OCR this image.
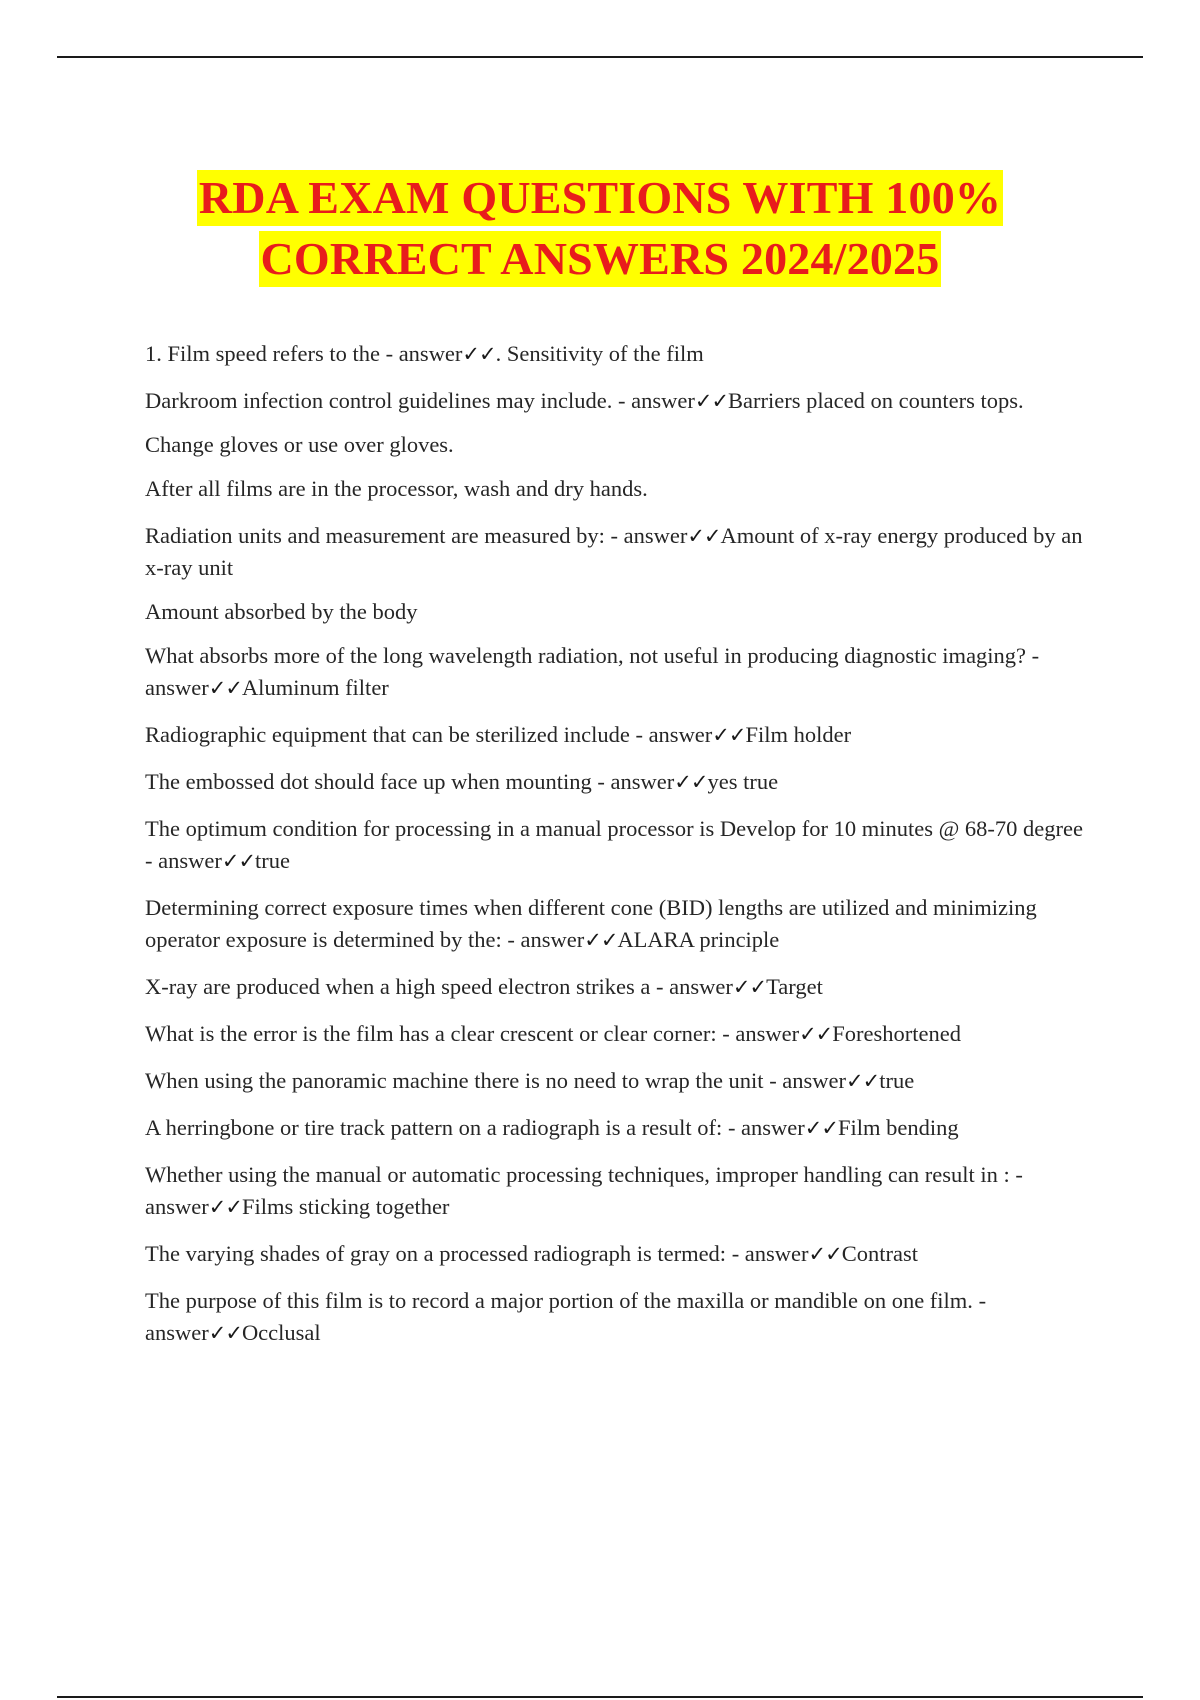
RDA EXAM QUESTIONS WITH 100%
CORRECT ANSWERS 2024/2025

1. Film speed refers to the - answer✓✓. Sensitivity of the film

Darkroom infection control guidelines may include. - answer✓✓Barriers placed on counters tops.

Change gloves or use over gloves.

After all films are in the processor, wash and dry hands.

Radiation units and measurement are measured by: - answer✓✓Amount of x-ray energy produced by an x-ray unit

Amount absorbed by the body

What absorbs more of the long wavelength radiation, not useful in producing diagnostic imaging? - answer✓✓Aluminum filter

Radiographic equipment that can be sterilized include - answer✓✓Film holder

The embossed dot should face up when mounting - answer✓✓yes true

The optimum condition for processing in a manual processor is Develop for 10 minutes @ 68-70 degree - answer✓✓true

Determining correct exposure times when different cone (BID) lengths are utilized and minimizing operator exposure is determined by the: - answer✓✓ALARA principle

X-ray are produced when a high speed electron strikes a - answer✓✓Target

What is the error is the film has a clear crescent or clear corner: - answer✓✓Foreshortened

When using the panoramic machine there is no need to wrap the unit - answer✓✓true

A herringbone or tire track pattern on a radiograph is a result of: - answer✓✓Film bending

Whether using the manual or automatic processing techniques, improper handling can result in : - answer✓✓Films sticking together

The varying shades of gray on a processed radiograph is termed: - answer✓✓Contrast

The purpose of this film is to record a major portion of the maxilla or mandible on one film. - answer✓✓Occlusal
